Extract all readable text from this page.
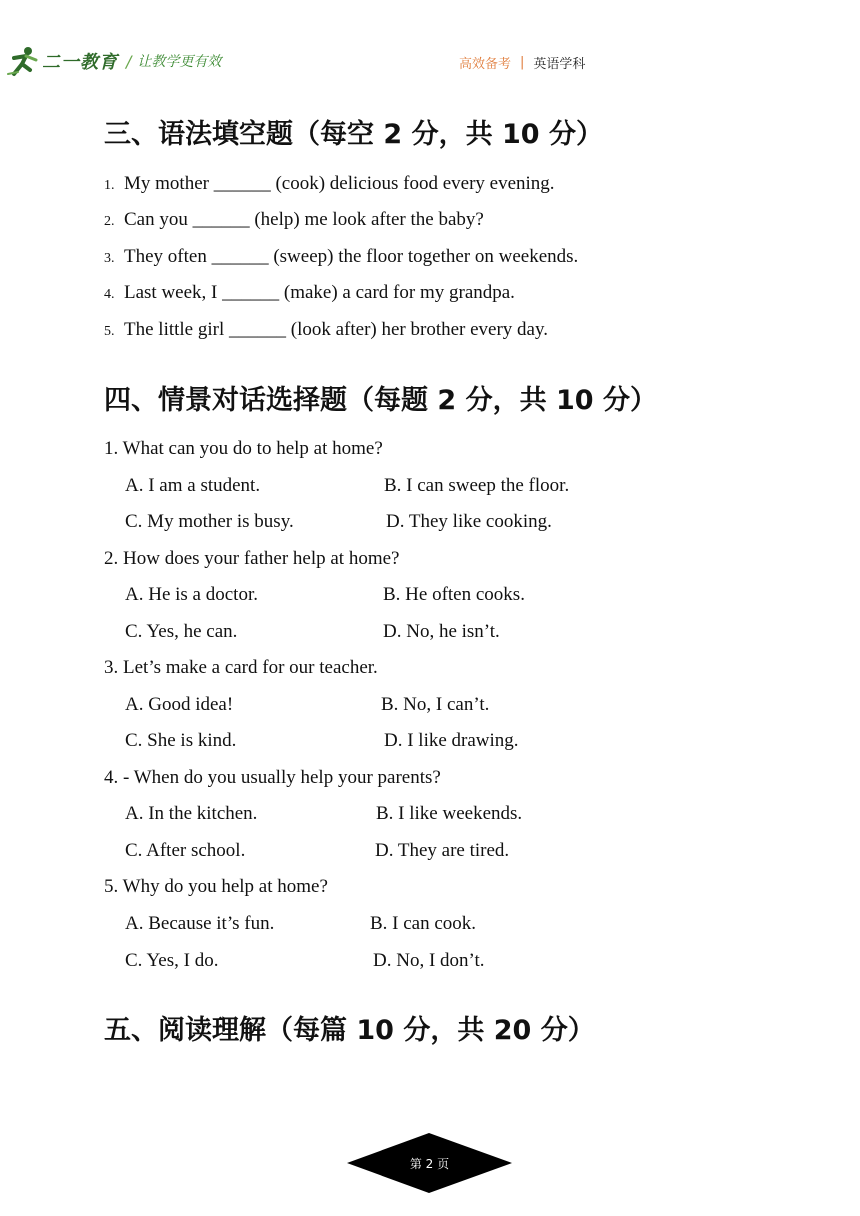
二一教育 / 让教学更有效	高效备考 | 英语学科
三、语法填空题（每空 2 分，共 10 分）
1. My mother ______ (cook) delicious food every evening.
2. Can you ______ (help) me look after the baby?
3. They often ______ (sweep) the floor together on weekends.
4. Last week, I ______ (make) a card for my grandpa.
5. The little girl ______ (look after) her brother every day.
四、情景对话选择题（每题 2 分，共 10 分）
1. What can you do to help at home?
A. I am a student.	B. I can sweep the floor.
C. My mother is busy.	D. They like cooking.
2. How does your father help at home?
A. He is a doctor.	B. He often cooks.
C. Yes, he can.	D. No, he isn’t.
3. Let’s make a card for our teacher.
A. Good idea!	B. No, I can’t.
C. She is kind.	D. I like drawing.
4. - When do you usually help your parents?
A. In the kitchen.	B. I like weekends.
C. After school.	D. They are tired.
5. Why do you help at home?
A. Because it’s fun.	B. I can cook.
C. Yes, I do.	D. No, I don’t.
五、阅读理解（每篇 10 分，共 20 分）
第 2 页
